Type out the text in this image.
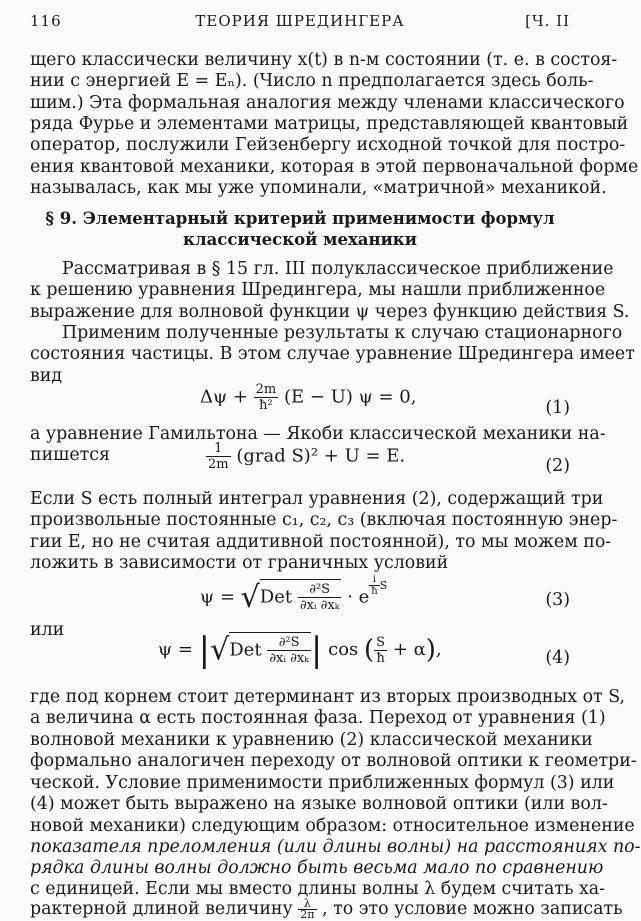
116	ТЕОРИЯ ШРЕДИНГЕРА	[Ч. II
щего классически величину x(t) в n-м состоянии (т. е. в состоя-
нии с энергией E = Eₙ). (Число n предполагается здесь боль-
шим.) Эта формальная аналогия между членами классического
ряда Фурье и элементами матрицы, представляющей квантовый
оператор, послужили Гейзенбергу исходной точкой для постро-
ения квантовой механики, которая в этой первоначальной форме
называлась, как мы уже упоминали, «матричной» механикой.
§ 9. Элементарный критерий применимости формул
классической механики
Рассматривая в § 15 гл. III полуклассическое приближение
к решению уравнения Шредингера, мы нашли приближенное
выражение для волновой функции ψ через функцию действия S.
Применим полученные результаты к случаю стационарного
состояния частицы. В этом случае уравнение Шредингера имеет
вид
$\Delta\psi + \frac{2m}{\text{ħ²}} (E - U) \psi = 0$,
(1)
а уравнение Гамильтона — Якоби классической механики на-
пишется	$\frac{1}{2m}$ (grad S)² + U = E.	(2)
Если S есть полный интеграл уравнения (2), содержащий три
произвольные постоянные c₁, c₂, c₃ (включая постоянную энер-
гии E, но не считая аддитивной постоянной), то мы можем по-
ложить в зависимости от граничных условий
$\psi = √Det \frac{\text{∂²S}}{\text{∂xᵢ ∂xₖ}} \cdot e$ $^{\frac{i}{ħ} S}$
(3)
или
$\psi = |√Det \frac{\text{∂²S}}{\text{∂xᵢ ∂xₖ}}$ | cos ( $\frac{S}{ħ} + \alpha$),	(4)
где под корнем стоит детерминант из вторых производных от S,
а величина α есть постоянная фаза. Переход от уравнения (1)
волновой механики к уравнению (2) классической механики
формально аналогичен переходу от волновой оптики к геометри-
ческой. Условие применимости приближенных формул (3) или
(4) может быть выражено на языке волновой оптики (или вол-
новой механики) следующим образом: относительное изменение
показателя преломления (или длины волны) на расстояниях по-
рядка длины волны должно быть весьма мало по сравнению
с единицей. Если мы вместо длины волны λ будем считать ха-
рактерной длиной величину $\frac{\lambda}{2\pi}$ , то это условие можно записать
